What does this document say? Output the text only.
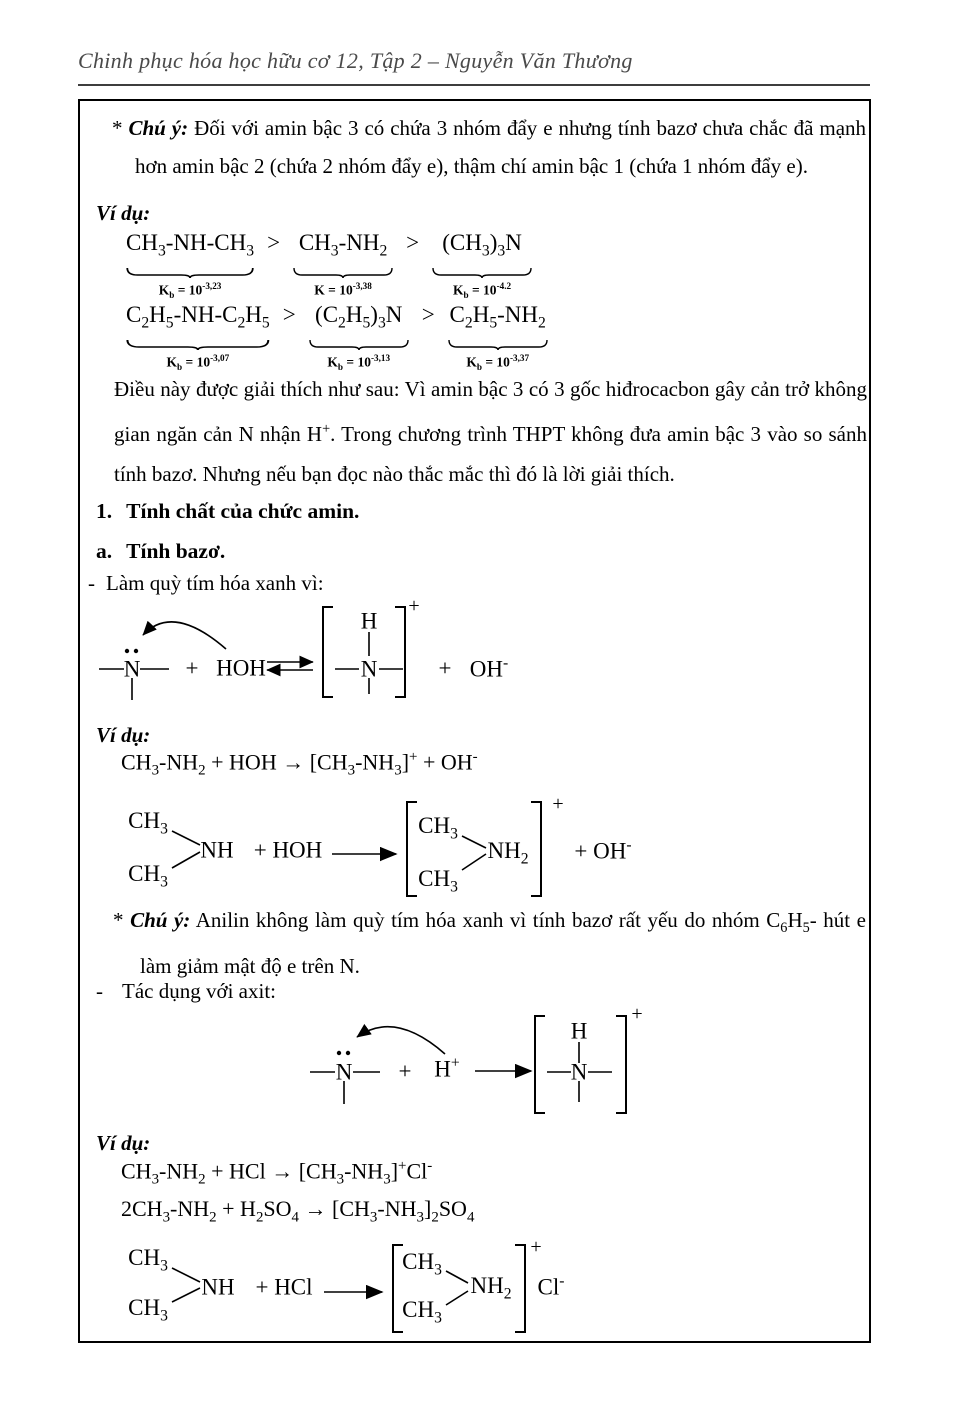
Chinh phục hóa học hữu cơ 12, Tập 2 – Nguyễn Văn Thương

* Chú ý: Đối với amin bậc 3 có chứa 3 nhóm đẩy e nhưng tính bazơ chưa chắc đã mạnh hơn amin bậc 2 (chứa 2 nhóm đẩy e), thậm chí amin bậc 1 (chứa 1 nhóm đẩy e).

Ví dụ:

$CH_3-NH-CH_3$
$K_b = 10^{-3,23}$
> $CH_3-NH_2$
$K = 10^{-3,38}$
> $(CH_3)_3N$
$K_b = 10^{-4.2}$
$C_2H_5-NH-C_2H_5$
$K_b = 10^{-3,07}$
> $(C_2H_5)_3N$
$K_b = 10^{-3,13}$
> $C_2H_5-NH_2$
$K_b = 10^{-3,37}$

Điều này được giải thích như sau: Vì amin bậc 3 có 3 gốc hiđrocacbon gây cản trở không gian ngăn cản N nhận H+. Trong chương trình THPT không đưa amin bậc 3 vào so sánh tính bazơ. Nhưng nếu bạn đọc nào thắc mắc thì đó là lời giải thích.

1. Tính chất của chức amin.

a. Tính bazơ.

- Làm quỳ tím hóa xanh vì:

N + HOH
H
N
+
+ OH-

Ví dụ:

$CH_3-NH_2$ + HOH → $[CH_3-NH_3]^+ + OH^-$

$CH_3$
$CH_3$
NH + HOH
$CH_3$
$CH_3$
$NH_2$
+
+ OH-

* Chú ý: Anilin không làm quỳ tím hóa xanh vì tính bazơ rất yếu do nhóm $C_6H_5-$ hút e làm giảm mật độ e trên N.

- Tác dụng với axit:

N + H+
H
N
+

Ví dụ:

$CH_3-NH_2$ + HCl → $[CH_3-NH_3]^+Cl^-$

$2CH_3-NH_2 + H_2SO_4 \to [CH_3-NH_3]_2SO_4$

$CH_3$
$CH_3$
NH + HCl
$CH_3$
$CH_3$
$NH_2$
+
Cl-
